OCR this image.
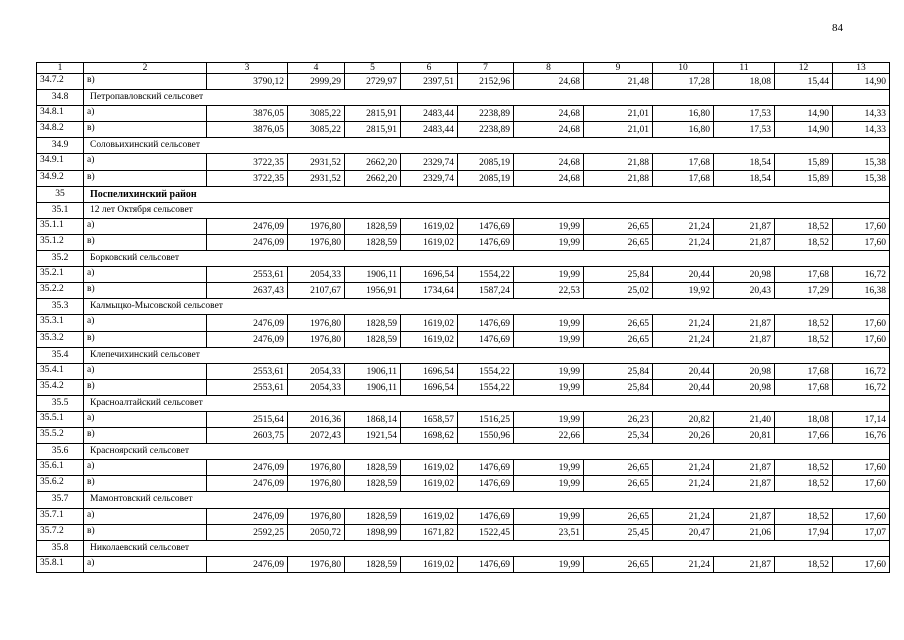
84
1	2	3	4	5	6	7	8	9	10	11	12	13
34.7.2	в)	3790,12	2999,29	2729,97	2397,51	2152,96	24,68	21,48	17,28	18,08	15,44	14,90
34.8	Петропавловский сельсовет											
34.8.1	а)	3876,05	3085,22	2815,91	2483,44	2238,89	24,68	21,01	16,80	17,53	14,90	14,33
34.8.2	в)	3876,05	3085,22	2815,91	2483,44	2238,89	24,68	21,01	16,80	17,53	14,90	14,33
34.9	Соловьихинский сельсовет											
34.9.1	а)	3722,35	2931,52	2662,20	2329,74	2085,19	24,68	21,88	17,68	18,54	15,89	15,38
34.9.2	в)	3722,35	2931,52	2662,20	2329,74	2085,19	24,68	21,88	17,68	18,54	15,89	15,38
35	Поспелихинский район											
35.1	12 лет Октября сельсовет											
35.1.1	а)	2476,09	1976,80	1828,59	1619,02	1476,69	19,99	26,65	21,24	21,87	18,52	17,60
35.1.2	в)	2476,09	1976,80	1828,59	1619,02	1476,69	19,99	26,65	21,24	21,87	18,52	17,60
35.2	Борковский сельсовет											
35.2.1	а)	2553,61	2054,33	1906,11	1696,54	1554,22	19,99	25,84	20,44	20,98	17,68	16,72
35.2.2	в)	2637,43	2107,67	1956,91	1734,64	1587,24	22,53	25,02	19,92	20,43	17,29	16,38
35.3	Калмыцко-Мысовской сельсовет											
35.3.1	а)	2476,09	1976,80	1828,59	1619,02	1476,69	19,99	26,65	21,24	21,87	18,52	17,60
35.3.2	в)	2476,09	1976,80	1828,59	1619,02	1476,69	19,99	26,65	21,24	21,87	18,52	17,60
35.4	Клепечихинский сельсовет											
35.4.1	а)	2553,61	2054,33	1906,11	1696,54	1554,22	19,99	25,84	20,44	20,98	17,68	16,72
35.4.2	в)	2553,61	2054,33	1906,11	1696,54	1554,22	19,99	25,84	20,44	20,98	17,68	16,72
35.5	Красноалтайский сельсовет											
35.5.1	а)	2515,64	2016,36	1868,14	1658,57	1516,25	19,99	26,23	20,82	21,40	18,08	17,14
35.5.2	в)	2603,75	2072,43	1921,54	1698,62	1550,96	22,66	25,34	20,26	20,81	17,66	16,76
35.6	Красноярский сельсовет											
35.6.1	а)	2476,09	1976,80	1828,59	1619,02	1476,69	19,99	26,65	21,24	21,87	18,52	17,60
35.6.2	в)	2476,09	1976,80	1828,59	1619,02	1476,69	19,99	26,65	21,24	21,87	18,52	17,60
35.7	Мамонтовский сельсовет											
35.7.1	а)	2476,09	1976,80	1828,59	1619,02	1476,69	19,99	26,65	21,24	21,87	18,52	17,60
35.7.2	в)	2592,25	2050,72	1898,99	1671,82	1522,45	23,51	25,45	20,47	21,06	17,94	17,07
35.8	Николаевский сельсовет											
35.8.1	а)	2476,09	1976,80	1828,59	1619,02	1476,69	19,99	26,65	21,24	21,87	18,52	17,60
